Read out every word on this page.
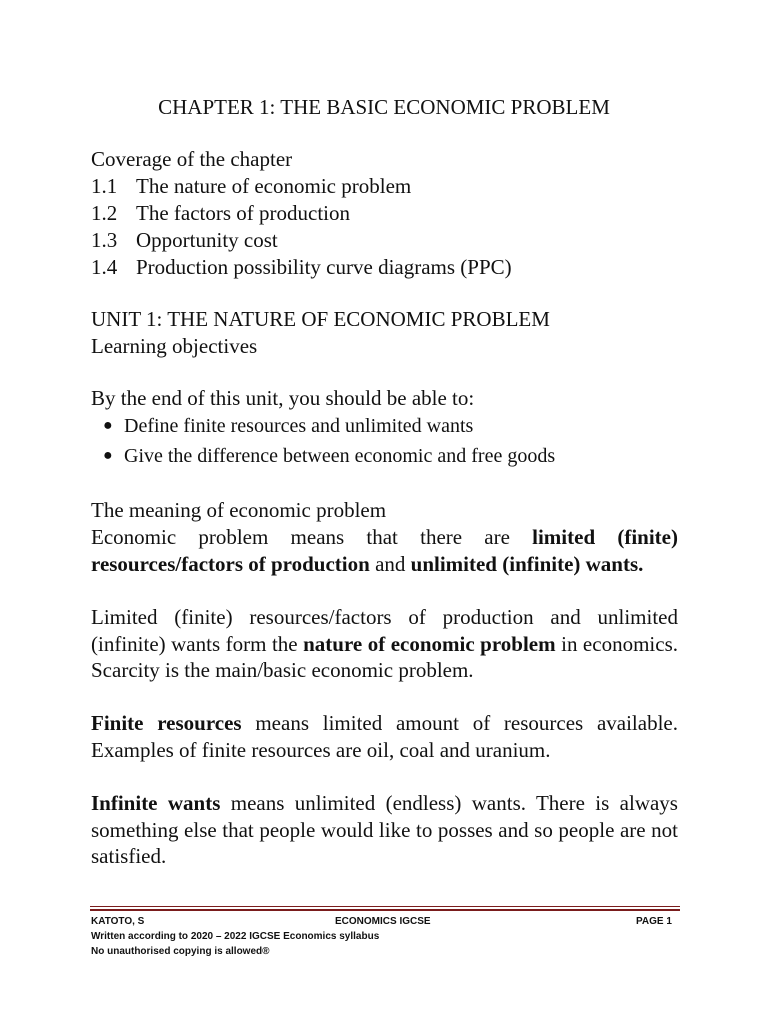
CHAPTER 1: THE BASIC ECONOMIC PROBLEM
Coverage of the chapter
1.1 The nature of economic problem
1.2 The factors of production
1.3 Opportunity cost
1.4 Production possibility curve diagrams (PPC)
UNIT 1: THE NATURE OF ECONOMIC PROBLEM
Learning objectives
By the end of this unit, you should be able to:
● Define finite resources and unlimited wants
● Give the difference between economic and free goods
The meaning of economic problem
Economic problem means that there are limited (finite) resources/factors of production and unlimited (infinite) wants.
Limited (finite) resources/factors of production and unlimited (infinite) wants form the nature of economic problem in economics. Scarcity is the main/basic economic problem.
Finite resources means limited amount of resources available. Examples of finite resources are oil, coal and uranium.
Infinite wants means unlimited (endless) wants. There is always something else that people would like to posses and so people are not satisfied.
KATOTO, S	ECONOMICS IGCSE	PAGE 1
Written according to 2020 – 2022 IGCSE Economics syllabus
No unauthorised copying is allowed®
